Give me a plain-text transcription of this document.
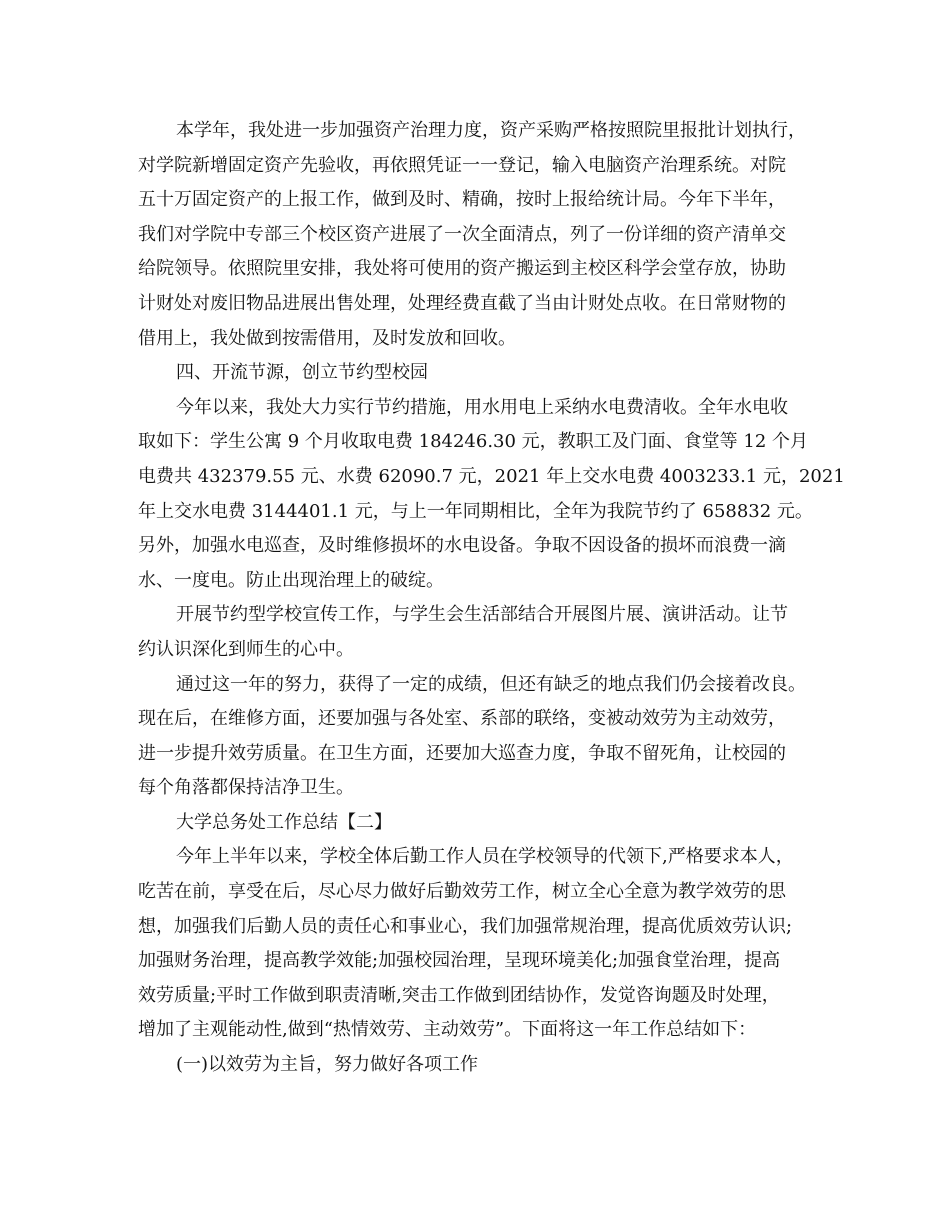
本学年，我处进一步加强资产治理力度，资产采购严格按照院里报批计划执行，
对学院新增固定资产先验收，再依照凭证一一登记，输入电脑资产治理系统。对院
五十万固定资产的上报工作，做到及时、精确，按时上报给统计局。今年下半年，
我们对学院中专部三个校区资产进展了一次全面清点，列了一份详细的资产清单交
给院领导。依照院里安排，我处将可使用的资产搬运到主校区科学会堂存放，协助
计财处对废旧物品进展出售处理，处理经费直截了当由计财处点收。在日常财物的
借用上，我处做到按需借用，及时发放和回收。
四、开流节源，创立节约型校园
今年以来，我处大力实行节约措施，用水用电上采纳水电费清收。全年水电收
取如下：学生公寓 9 个月收取电费 184246.30 元，教职工及门面、食堂等 12 个月
电费共 432379.55 元、水费 62090.7 元，2021 年上交水电费 4003233.1 元，2021
年上交水电费 3144401.1 元，与上一年同期相比，全年为我院节约了 658832 元。
另外，加强水电巡查，及时维修损坏的水电设备。争取不因设备的损坏而浪费一滴
水、一度电。防止出现治理上的破绽。
开展节约型学校宣传工作，与学生会生活部结合开展图片展、演讲活动。让节
约认识深化到师生的心中。
通过这一年的努力，获得了一定的成绩，但还有缺乏的地点我们仍会接着改良。
现在后，在维修方面，还要加强与各处室、系部的联络，变被动效劳为主动效劳，
进一步提升效劳质量。在卫生方面，还要加大巡查力度，争取不留死角，让校园的
每个角落都保持洁净卫生。
大学总务处工作总结【二】
今年上半年以来，学校全体后勤工作人员在学校领导的代领下,严格要求本人，
吃苦在前，享受在后，尽心尽力做好后勤效劳工作，树立全心全意为教学效劳的思
想，加强我们后勤人员的责任心和事业心，我们加强常规治理，提高优质效劳认识;
加强财务治理，提高教学效能;加强校园治理，呈现环境美化;加强食堂治理，提高
效劳质量;平时工作做到职责清晰,突击工作做到团结协作，发觉咨询题及时处理，
增加了主观能动性,做到“热情效劳、主动效劳”。下面将这一年工作总结如下：
(一)以效劳为主旨，努力做好各项工作
